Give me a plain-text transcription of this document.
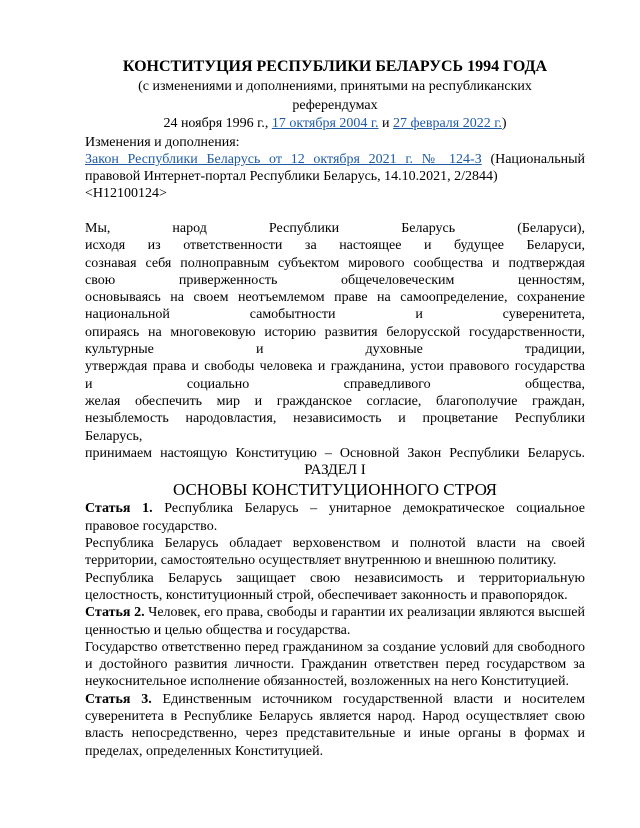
КОНСТИТУЦИЯ РЕСПУБЛИКИ БЕЛАРУСЬ 1994 ГОДА
(с изменениями и дополнениями, принятыми на республиканских
референдумах
24 ноября 1996 г., 17 октября 2004 г. и 27 февраля 2022 г.)
Изменения и дополнения:
Закон Республики Беларусь от 12 октября 2021 г. № 124-З (Национальный правовой Интернет-портал Республики Беларусь, 14.10.2021, 2/2844)
<H12100124>
Мы, народ Республики Беларусь (Беларуси),
исходя из ответственности за настоящее и будущее Беларуси,
сознавая себя полноправным субъектом мирового сообщества и подтверждая
свою приверженность общечеловеческим ценностям,
основываясь на своем неотъемлемом праве на самоопределение, сохранение
национальной самобытности и суверенитета,
опираясь на многовековую историю развития белорусской государственности,
культурные и духовные традиции,
утверждая права и свободы человека и гражданина, устои правового государства
и социально справедливого общества,
желая обеспечить мир и гражданское согласие, благополучие граждан,
незыблемость народовластия, независимость и процветание Республики
Беларусь,
принимаем настоящую Конституцию – Основной Закон Республики Беларусь.
РАЗДЕЛ I
ОСНОВЫ КОНСТИТУЦИОННОГО СТРОЯ
Статья 1. Республика Беларусь – унитарное демократическое социальное правовое государство.
Республика Беларусь обладает верховенством и полнотой власти на своей территории, самостоятельно осуществляет внутреннюю и внешнюю политику.
Республика Беларусь защищает свою независимость и территориальную целостность, конституционный строй, обеспечивает законность и правопорядок.
Статья 2. Человек, его права, свободы и гарантии их реализации являются высшей ценностью и целью общества и государства.
Государство ответственно перед гражданином за создание условий для свободного и достойного развития личности. Гражданин ответствен перед государством за неукоснительное исполнение обязанностей, возложенных на него Конституцией.
Статья 3. Единственным источником государственной власти и носителем суверенитета в Республике Беларусь является народ. Народ осуществляет свою власть непосредственно, через представительные и иные органы в формах и пределах, определенных Конституцией.
